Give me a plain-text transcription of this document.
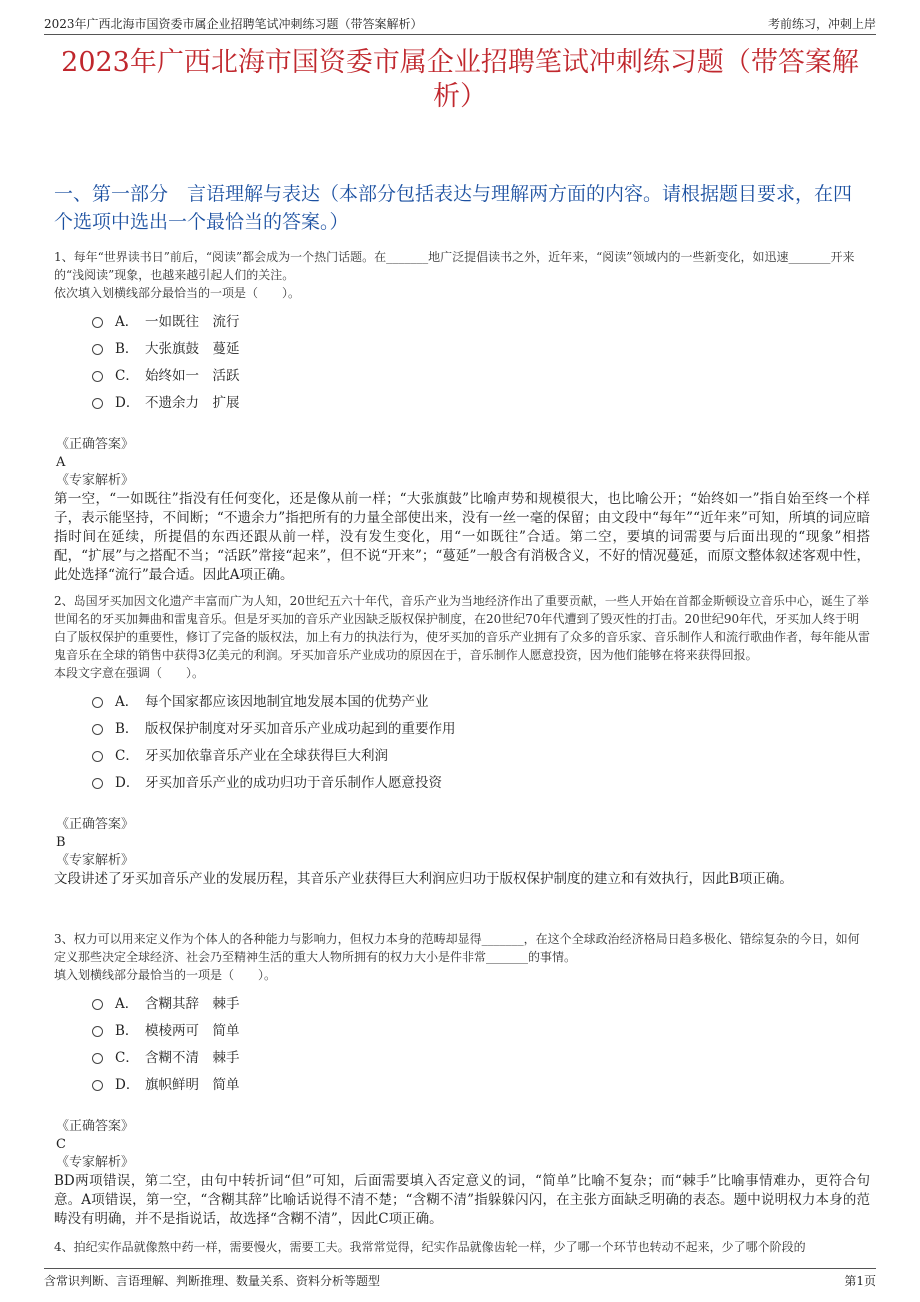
2023年广西北海市国资委市属企业招聘笔试冲刺练习题（带答案解析）	考前练习，冲刺上岸
2023年广西北海市国资委市属企业招聘笔试冲刺练习题（带答案解析）
一、第一部分　言语理解与表达（本部分包括表达与理解两方面的内容。请根据题目要求，在四个选项中选出一个最恰当的答案。）
1、每年“世界读书日”前后，“阅读”都会成为一个热门话题。在_______地广泛提倡读书之外，近年来，“阅读”领域内的一些新变化，如迅速_______开来的“浅阅读”现象，也越来越引起人们的关注。
依次填入划横线部分最恰当的一项是（　　）。
A． 一如既往　流行
B． 大张旗鼓　蔓延
C． 始终如一　活跃
D． 不遗余力　扩展
《正确答案》
A
《专家解析》
第一空，“一如既往”指没有任何变化，还是像从前一样；“大张旗鼓”比喻声势和规模很大，也比喻公开；“始终如一”指自始至终一个样子，表示能坚持，不间断；“不遗余力”指把所有的力量全部使出来，没有一丝一毫的保留；由文段中“每年”“近年来”可知，所填的词应暗指时间在延续，所提倡的东西还跟从前一样，没有发生变化，用“一如既往”合适。第二空，要填的词需要与后面出现的“现象”相搭配，“扩展”与之搭配不当；“活跃”常接“起来”，但不说“开来”；“蔓延”一般含有消极含义，不好的情况蔓延，而原文整体叙述客观中性，此处选择“流行”最合适。因此A项正确。
2、岛国牙买加因文化遗产丰富而广为人知，20世纪五六十年代，音乐产业为当地经济作出了重要贡献，一些人开始在首都金斯顿设立音乐中心，诞生了举世闻名的牙买加舞曲和雷鬼音乐。但是牙买加的音乐产业因缺乏版权保护制度，在20世纪70年代遭到了毁灭性的打击。20世纪90年代，牙买加人终于明白了版权保护的重要性，修订了完备的版权法，加上有力的执法行为，使牙买加的音乐产业拥有了众多的音乐家、音乐制作人和流行歌曲作者，每年能从雷鬼音乐在全球的销售中获得3亿美元的利润。牙买加音乐产业成功的原因在于，音乐制作人愿意投资，因为他们能够在将来获得回报。
本段文字意在强调（　　）。
A． 每个国家都应该因地制宜地发展本国的优势产业
B． 版权保护制度对牙买加音乐产业成功起到的重要作用
C． 牙买加依靠音乐产业在全球获得巨大利润
D． 牙买加音乐产业的成功归功于音乐制作人愿意投资
《正确答案》
B
《专家解析》
文段讲述了牙买加音乐产业的发展历程，其音乐产业获得巨大利润应归功于版权保护制度的建立和有效执行，因此B项正确。
3、权力可以用来定义作为个体人的各种能力与影响力，但权力本身的范畴却显得_______，在这个全球政治经济格局日趋多极化、错综复杂的今日，如何定义那些决定全球经济、社会乃至精神生活的重大人物所拥有的权力大小是件非常_______的事情。
填入划横线部分最恰当的一项是（　　）。
A． 含糊其辞　棘手
B． 模棱两可　简单
C． 含糊不清　棘手
D． 旗帜鲜明　简单
《正确答案》
C
《专家解析》
BD两项错误，第二空，由句中转折词“但”可知，后面需要填入否定意义的词，“简单”比喻不复杂；而“棘手”比喻事情难办，更符合句意。A项错误，第一空，“含糊其辞”比喻话说得不清不楚；“含糊不清”指躲躲闪闪，在主张方面缺乏明确的表态。题中说明权力本身的范畴没有明确，并不是指说话，故选择“含糊不清”，因此C项正确。
4、拍纪实作品就像熬中药一样，需要慢火，需要工夫。我常常觉得，纪实作品就像齿轮一样，少了哪一个环节也转动不起来，少了哪个阶段的
含常识判断、言语理解、判断推理、数量关系、资料分析等题型	第1页
